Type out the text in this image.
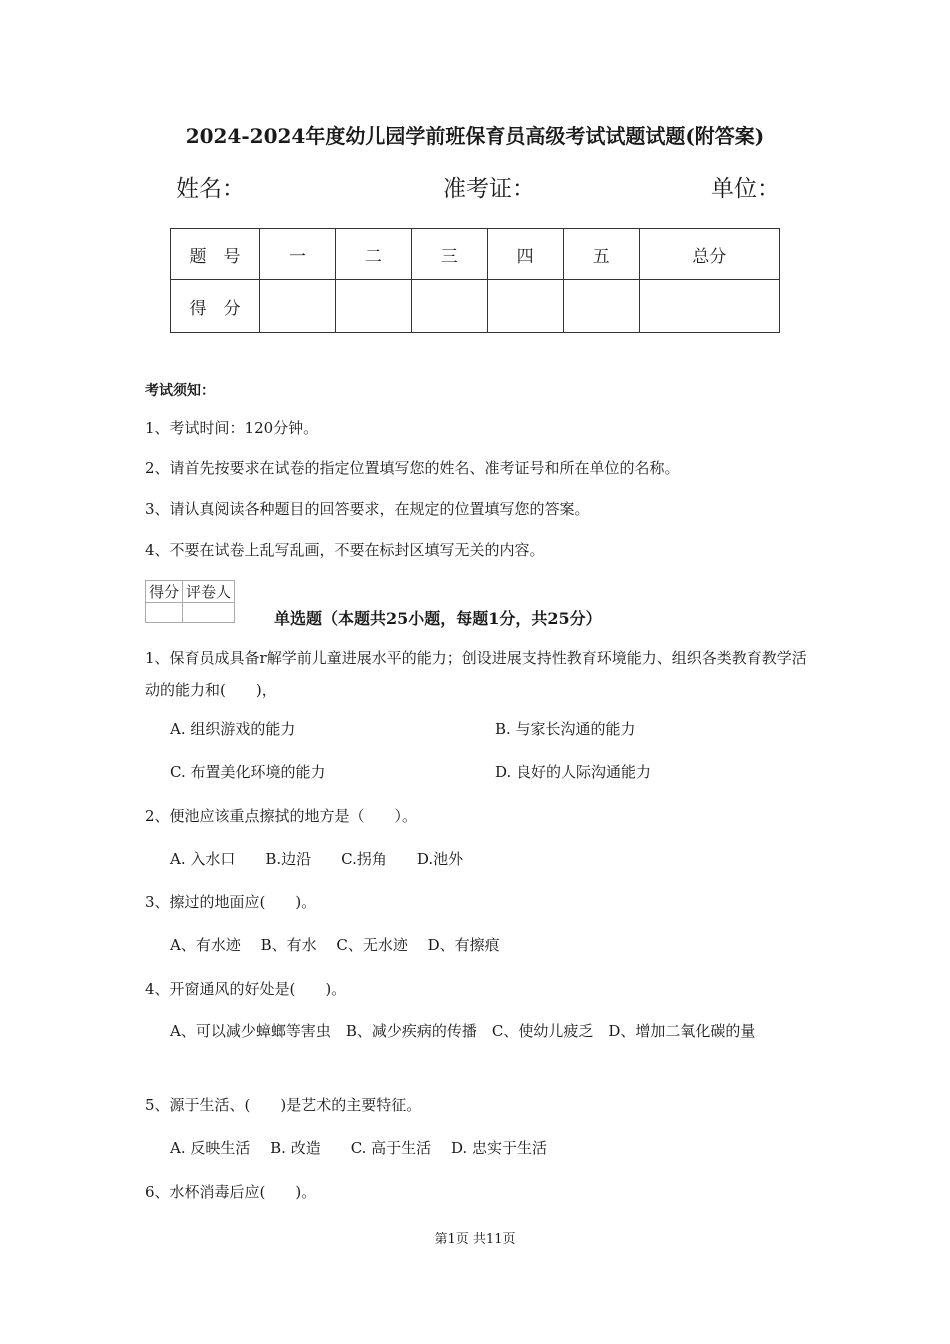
2024-2024年度幼儿园学前班保育员高级考试试题试题(附答案)
姓名：	准考证：	单位：
题　号	一	二	三	四	五	总分
得　分						
考试须知：
1、考试时间：120分钟。
2、请首先按要求在试卷的指定位置填写您的姓名、准考证号和所在单位的名称。
3、请认真阅读各种题目的回答要求，在规定的位置填写您的答案。
4、不要在试卷上乱写乱画，不要在标封区填写无关的内容。
得分	评卷人

单选题（本题共25小题，每题1分，共25分）
1、保育员成具备r解学前儿童进展水平的能力；创设进展支持性教育环境能力、组织各类教育教学活动的能力和(　　)，
A. 组织游戏的能力	B. 与家长沟通的能力
C. 布置美化环境的能力	D. 良好的人际沟通能力
2、便池应该重点擦拭的地方是（　　）。
A. 入水口　　B.边沿　　C.拐角　　D.池外
3、擦过的地面应(　　)。
A、有水迹　 B、有水　 C、无水迹　 D、有擦痕
4、开窗通风的好处是(　　)。
A、可以减少蟑螂等害虫　B、减少疾病的传播　C、使幼儿疲乏　D、增加二氧化碳的量
5、源于生活、(　　)是艺术的主要特征。
A. 反映生活　 B. 改造　　C. 高于生活　 D. 忠实于生活
6、水杯消毒后应(　　)。
第1页 共11页
